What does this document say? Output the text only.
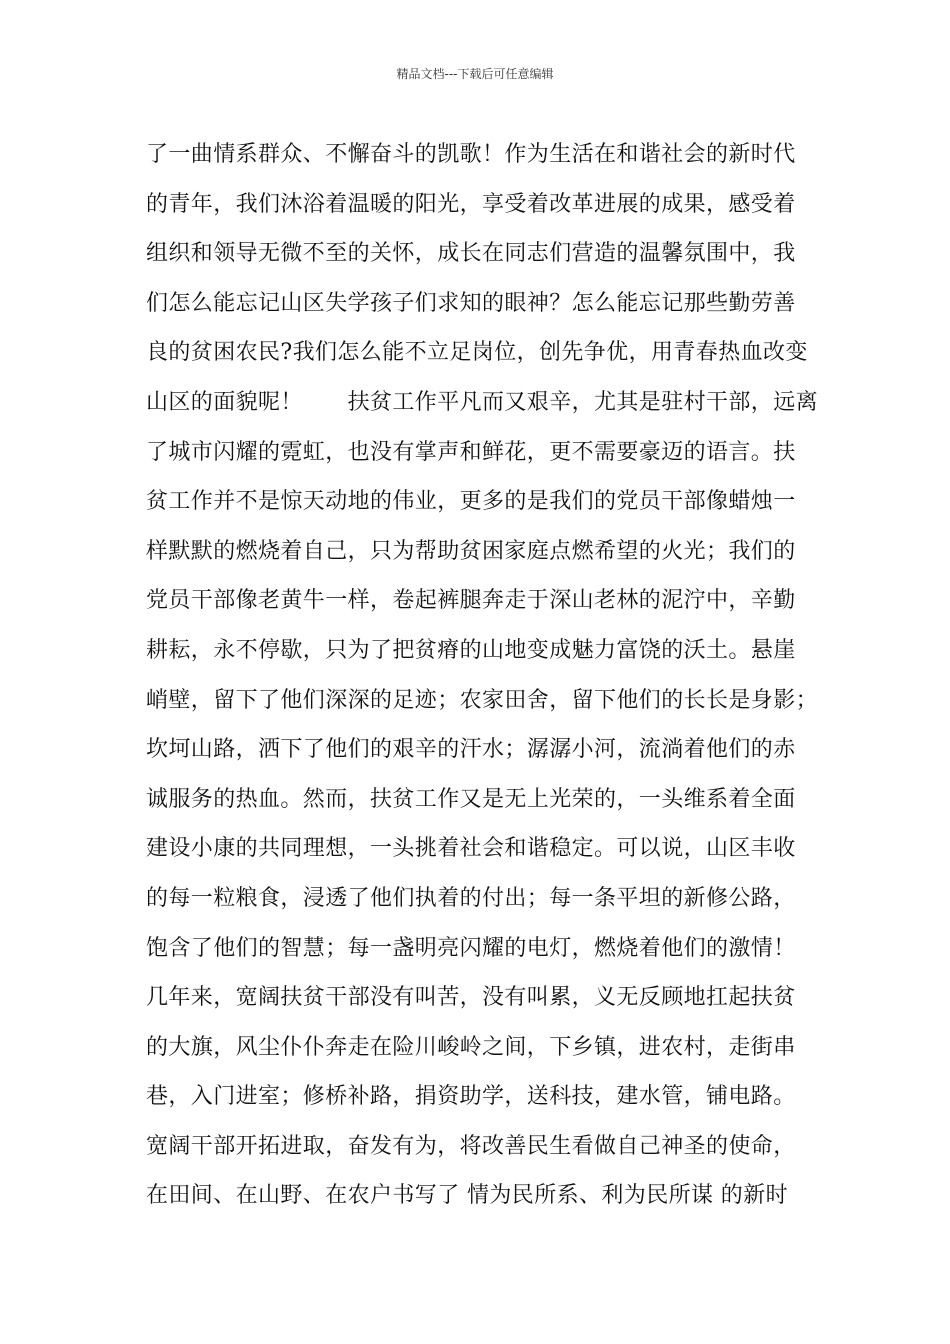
精品文档---下载后可任意编辑
了一曲情系群众、不懈奋斗的凯歌！作为生活在和谐社会的新时代
的青年，我们沐浴着温暖的阳光，享受着改革进展的成果，感受着
组织和领导无微不至的关怀，成长在同志们营造的温馨氛围中，我
们怎么能忘记山区失学孩子们求知的眼神？怎么能忘记那些勤劳善
良的贫困农民?我们怎么能不立足岗位，创先争优，用青春热血改变
山区的面貌呢！　　扶贫工作平凡而又艰辛，尤其是驻村干部，远离
了城市闪耀的霓虹，也没有掌声和鲜花，更不需要豪迈的语言。扶
贫工作并不是惊天动地的伟业，更多的是我们的党员干部像蜡烛一
样默默的燃烧着自己，只为帮助贫困家庭点燃希望的火光；我们的
党员干部像老黄牛一样，卷起裤腿奔走于深山老林的泥泞中，辛勤
耕耘，永不停歇，只为了把贫瘠的山地变成魅力富饶的沃土。悬崖
峭壁，留下了他们深深的足迹；农家田舍，留下他们的长长是身影；
坎坷山路，洒下了他们的艰辛的汗水；潺潺小河，流淌着他们的赤
诚服务的热血。然而，扶贫工作又是无上光荣的，一头维系着全面
建设小康的共同理想，一头挑着社会和谐稳定。可以说，山区丰收
的每一粒粮食，浸透了他们执着的付出；每一条平坦的新修公路，
饱含了他们的智慧；每一盏明亮闪耀的电灯，燃烧着他们的激情！
几年来，宽阔扶贫干部没有叫苦，没有叫累，义无反顾地扛起扶贫
的大旗，风尘仆仆奔走在险川峻岭之间，下乡镇，进农村，走街串
巷，入门进室；修桥补路，捐资助学，送科技，建水管，铺电路。
宽阔干部开拓进取，奋发有为，将改善民生看做自己神圣的使命，
在田间、在山野、在农户书写了 情为民所系、利为民所谋 的新时
